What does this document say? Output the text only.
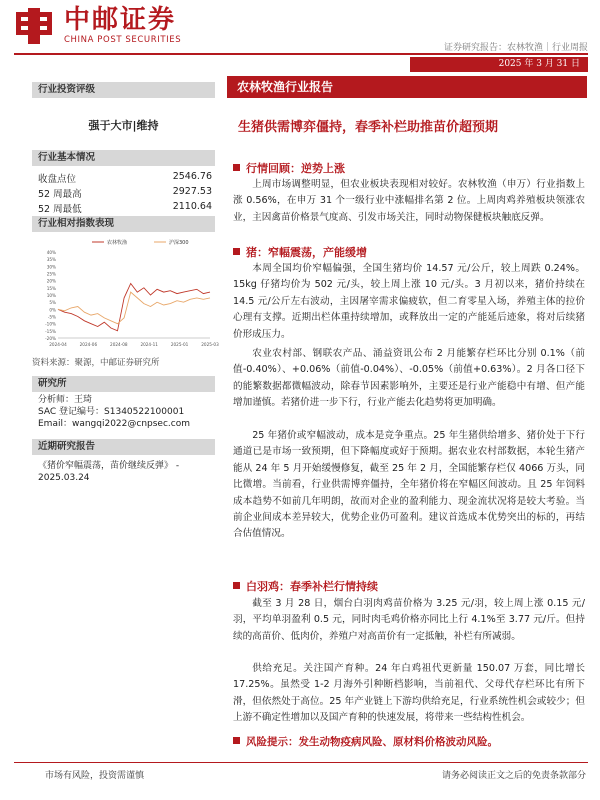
中邮证券
CHINA POST SECURITIES
证券研究报告：农林牧渔｜行业周报
2025 年 3 月 31 日
行业投资评级
强于大市|维持
行业基本情况
收盘点位	2546.76
52 周最高	2927.53
52 周最低	2110.64
行业相对指数表现
40%
35%
30%
25%
20%
15%
10%
5%
0%
-5%
-10%
-15%
-20%
2024-04	2024-06	2024-08	2024-11	2025-01	2025-03
农林牧渔	沪深300
资料来源：聚源，中邮证券研究所
研究所
分析师：王琦
SAC 登记编号：S1340522100001
Email：wangqi2022@cnpsec.com
近期研究报告
《猪价窄幅震荡，苗价继续反弹》 - 2025.03.24
农林牧渔行业报告
生猪供需博弈僵持，春季补栏助推苗价超预期
行情回顾：逆势上涨

上周市场调整明显，但农业板块表现相对较好。农林牧渔（申万）行业指数上涨 0.56%，在申万 31 个一级行业中涨幅排名第 2 位。上周肉鸡养殖板块领涨农业，主因禽苗价格景气度高、引发市场关注，同时动物保健板块触底反弹。

猪：窄幅震荡，产能缓增

本周全国均价窄幅偏强，全国生猪均价 14.57 元/公斤，较上周跌 0.24%。15kg 仔猪均价为 502 元/头，较上周上涨 10 元/头。3 月初以来，猪价持续在 14.5 元/公斤左右波动，主因屠宰需求偏疲软，但二育零星入场，养殖主体的拉价心理有支撑。近期出栏体重持续增加，或释放出一定的产能延后迹象，将对后续猪价形成压力。

农业农村部、钢联农产品、涌益资讯公布 2 月能繁存栏环比分别 0.1%（前值-0.40%）、+0.06%（前值-0.04%）、-0.05%（前值+0.63%）。2 月各口径下的能繁数据都微幅波动，除春节因素影响外，主要还是行业产能稳中有增、但产能增加谨慎。若猪价进一步下行，行业产能去化趋势将更加明确。

25 年猪价或窄幅波动，成本是竞争重点。25 年生猪供给增多、猪价处于下行通道已是市场一致预期，但下降幅度或好于预期。据农业农村部数据，本轮生猪产能从 24 年 5 月开始缓慢修复，截至 25 年 2 月，全国能繁存栏仅 4066 万头，同比微增。当前看，行业供需博弈僵持，全年猪价将在窄幅区间波动。且 25 年饲料成本趋势不如前几年明朗，故而对企业的盈利能力、现金流状况将是较大考验。当前企业间成本差异较大，优势企业仍可盈利。建议首选成本优势突出的标的，再结合估值情况。

白羽鸡：春季补栏行情持续

截至 3 月 28 日，烟台白羽肉鸡苗价格为 3.25 元/羽，较上周上涨 0.15 元/羽，平均单羽盈利 0.5 元，同时肉毛鸡价格亦同比上行 4.1%至 3.77 元/斤。但持续的高苗价、低肉价，养殖户对高苗价有一定抵触，补栏有所减弱。

供给充足。关注国产育种。24 年白鸡祖代更新量 150.07 万套，同比增长 17.25%。虽然受 1-2 月海外引种断档影响，当前祖代、父母代存栏环比有所下滑，但依然处于高位。25 年产业链上下游均供给充足，行业系统性机会或较少；但上游不确定性增加以及国产育种的快速发展，将带来一些结构性机会。

风险提示：发生动物疫病风险、原材料价格波动风险。
市场有风险，投资需谨慎	请务必阅读正文之后的免责条款部分
